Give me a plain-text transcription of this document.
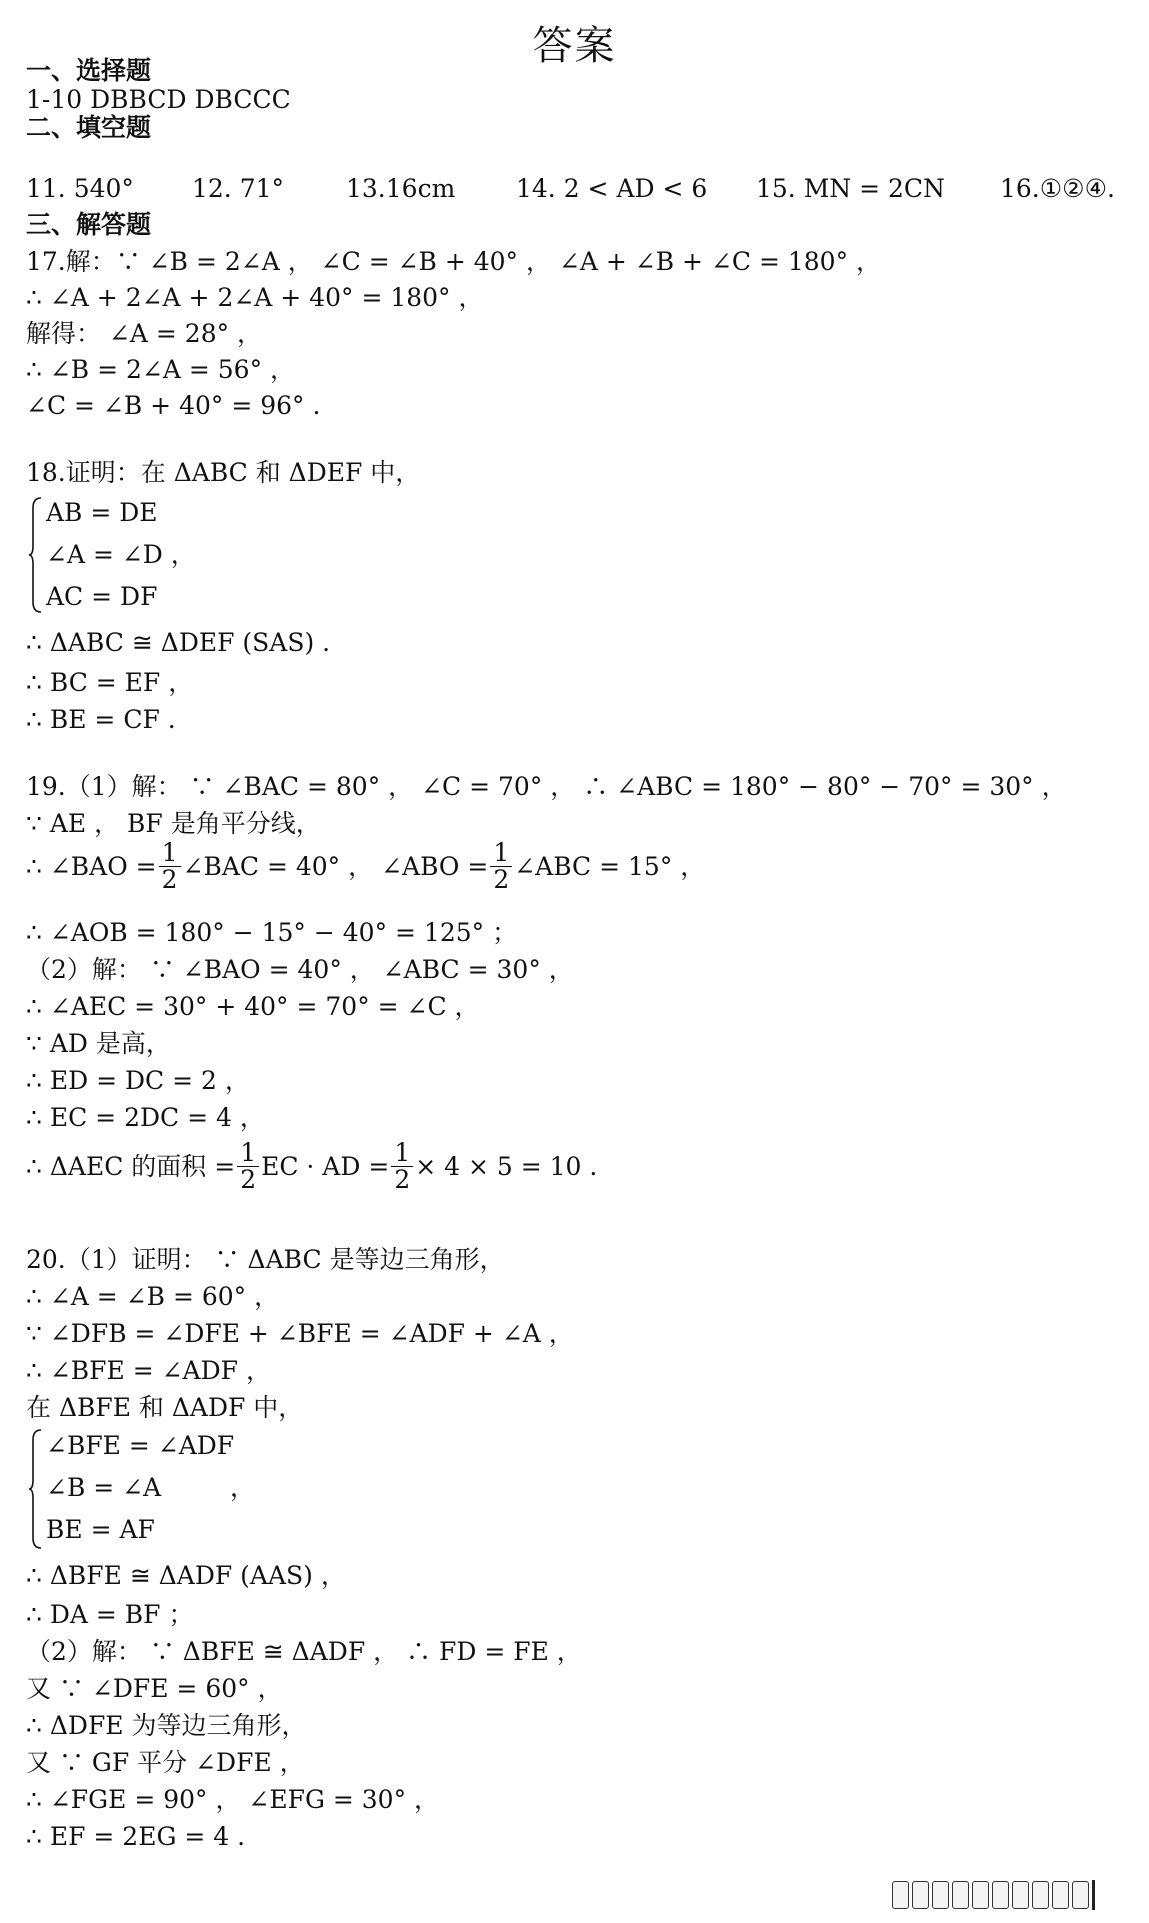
答案
一、选择题
1-10 DBBCD DBCCC
二、填空题
11. 540° 12. 71° 13.16cm 14. 2 < AD < 6 15. MN = 2CN 16.①②④.
三、解答题
17.解：∵ ∠B = 2∠A ， ∠C = ∠B + 40° ， ∠A + ∠B + ∠C = 180° ，
∴ ∠A + 2∠A + 2∠A + 40° = 180° ，
解得： ∠A = 28° ，
∴ ∠B = 2∠A = 56° ，
∠C = ∠B + 40° = 96° .
18.证明：在 ΔABC 和 ΔDEF 中，
AB = DE
∠A = ∠D ，
AC = DF
∴ ΔABC ≅ ΔDEF (SAS) .
∴ BC = EF ，
∴ BE = CF .
19.（1）解： ∵ ∠BAC = 80° ， ∠C = 70° ， ∴ ∠ABC = 180° − 80° − 70° = 30° ，
∵ AE ， BF 是角平分线，
∴ ∠BAO = $\frac{1}{2}$ ∠BAC = 40° ， ∠ABO = $\frac{1}{2}$ ∠ABC = 15° ，
∴ ∠AOB = 180° − 15° − 40° = 125° ；
（2）解： ∵ ∠BAO = 40° ， ∠ABC = 30° ，
∴ ∠AEC = 30° + 40° = 70° = ∠C ，
∵ AD 是高，
∴ ED = DC = 2 ，
∴ EC = 2DC = 4 ，
∴ ΔAEC 的面积 = $\frac{1}{2}$ EC · AD = $\frac{1}{2} \times 4 \times 5 = 10$ .
20.（1）证明： ∵ ΔABC 是等边三角形，
∴ ∠A = ∠B = 60° ，
∵ ∠DFB = ∠DFE + ∠BFE = ∠ADF + ∠A ，
∴ ∠BFE = ∠ADF ，
在 ΔBFE 和 ΔADF 中，
∠BFE = ∠ADF
∠B = ∠A	，
BE = AF
∴ ΔBFE ≅ ΔADF (AAS) ，
∴ DA = BF ；
（2）解： ∵ ΔBFE ≅ ΔADF ， ∴ FD = FE ，
又 ∵ ∠DFE = 60° ，
∴ ΔDFE 为等边三角形，
又 ∵ GF 平分 ∠DFE ，
∴ ∠FGE = 90° ， ∠EFG = 30° ，
∴ EF = 2EG = 4 .
